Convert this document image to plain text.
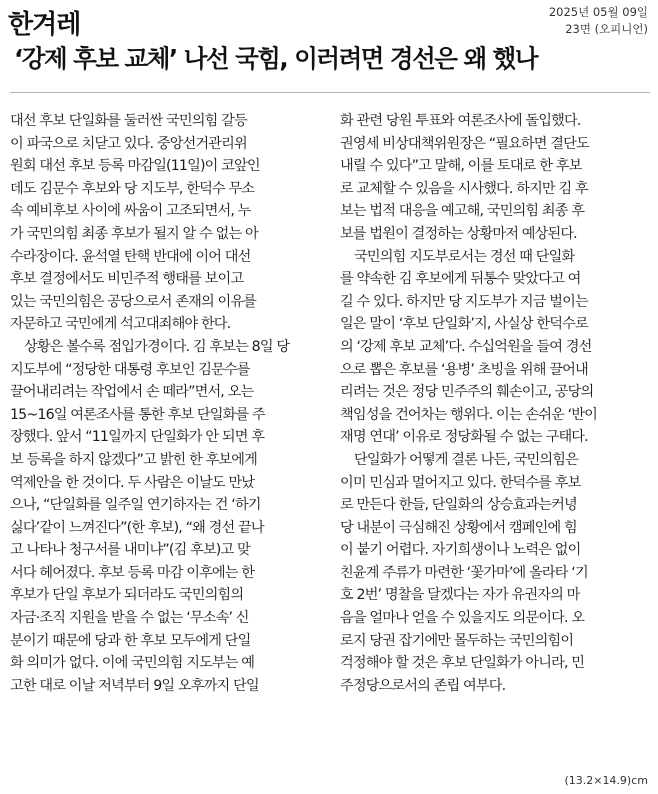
한겨레	2025년 05월 09일
23면 (오피니언)
‘강제 후보 교체’ 나선 국힘, 이러려면 경선은 왜 했나

대선 후보 단일화를 둘러싼 국민의힘 갈등
이 파국으로 치닫고 있다. 중앙선거관리위
원회 대선 후보 등록 마감일(11일)이 코앞인
데도 김문수 후보와 당 지도부, 한덕수 무소
속 예비후보 사이에 싸움이 고조되면서, 누
가 국민의힘 최종 후보가 될지 알 수 없는 아
수라장이다. 윤석열 탄핵 반대에 이어 대선
후보 결정에서도 비민주적 행태를 보이고
있는 국민의힘은 공당으로서 존재의 이유를
자문하고 국민에게 석고대죄해야 한다.

상황은 볼수록 점입가경이다. 김 후보는 8일 당
지도부에 “정당한 대통령 후보인 김문수를
끌어내리려는 작업에서 손 떼라”면서, 오는
15~16일 여론조사를 통한 후보 단일화를 주
장했다. 앞서 “11일까지 단일화가 안 되면 후
보 등록을 하지 않겠다”고 밝힌 한 후보에게
역제안을 한 것이다. 두 사람은 이날도 만났
으나, “단일화를 일주일 연기하자는 건 ‘하기
싫다’같이 느껴진다”(한 후보), “왜 경선 끝나
고 나타나 청구서를 내미냐”(김 후보)고 맞
서다 헤어졌다. 후보 등록 마감 이후에는 한
후보가 단일 후보가 되더라도 국민의힘의
자금·조직 지원을 받을 수 없는 ‘무소속’ 신
분이기 때문에 당과 한 후보 모두에게 단일
화 의미가 없다. 이에 국민의힘 지도부는 예
고한 대로 이날 저녁부터 9일 오후까지 단일

화 관련 당원 투표와 여론조사에 돌입했다.
권영세 비상대책위원장은 “필요하면 결단도
내릴 수 있다”고 말해, 이를 토대로 한 후보
로 교체할 수 있음을 시사했다. 하지만 김 후
보는 법적 대응을 예고해, 국민의힘 최종 후
보를 법원이 결정하는 상황마저 예상된다.

국민의힘 지도부로서는 경선 때 단일화
를 약속한 김 후보에게 뒤통수 맞았다고 여
길 수 있다. 하지만 당 지도부가 지금 벌이는
일은 말이 ‘후보 단일화’지, 사실상 한덕수로
의 ‘강제 후보 교체’다. 수십억원을 들여 경선
으로 뽑은 후보를 ‘용병’ 초빙을 위해 끌어내
리려는 것은 정당 민주주의 훼손이고, 공당의
책임성을 건어차는 행위다. 이는 손쉬운 ‘반이
재명 연대’ 이유로 정당화될 수 없는 구태다.

단일화가 어떻게 결론 나든, 국민의힘은
이미 민심과 멀어지고 있다. 한덕수를 후보
로 만든다 한들, 단일화의 상승효과는커녕
당 내분이 극심해진 상황에서 캠페인에 힘
이 붙기 어렵다. 자기희생이나 노력은 없이
친윤계 주류가 마련한 ‘꽃가마’에 올라타 ‘기
호 2번’ 명찰을 달겠다는 자가 유권자의 마
음을 얼마나 얻을 수 있을지도 의문이다. 오
로지 당권 잡기에만 몰두하는 국민의힘이
걱정해야 할 것은 후보 단일화가 아니라, 민
주정당으로서의 존립 여부다.

(13.2×14.9)cm
